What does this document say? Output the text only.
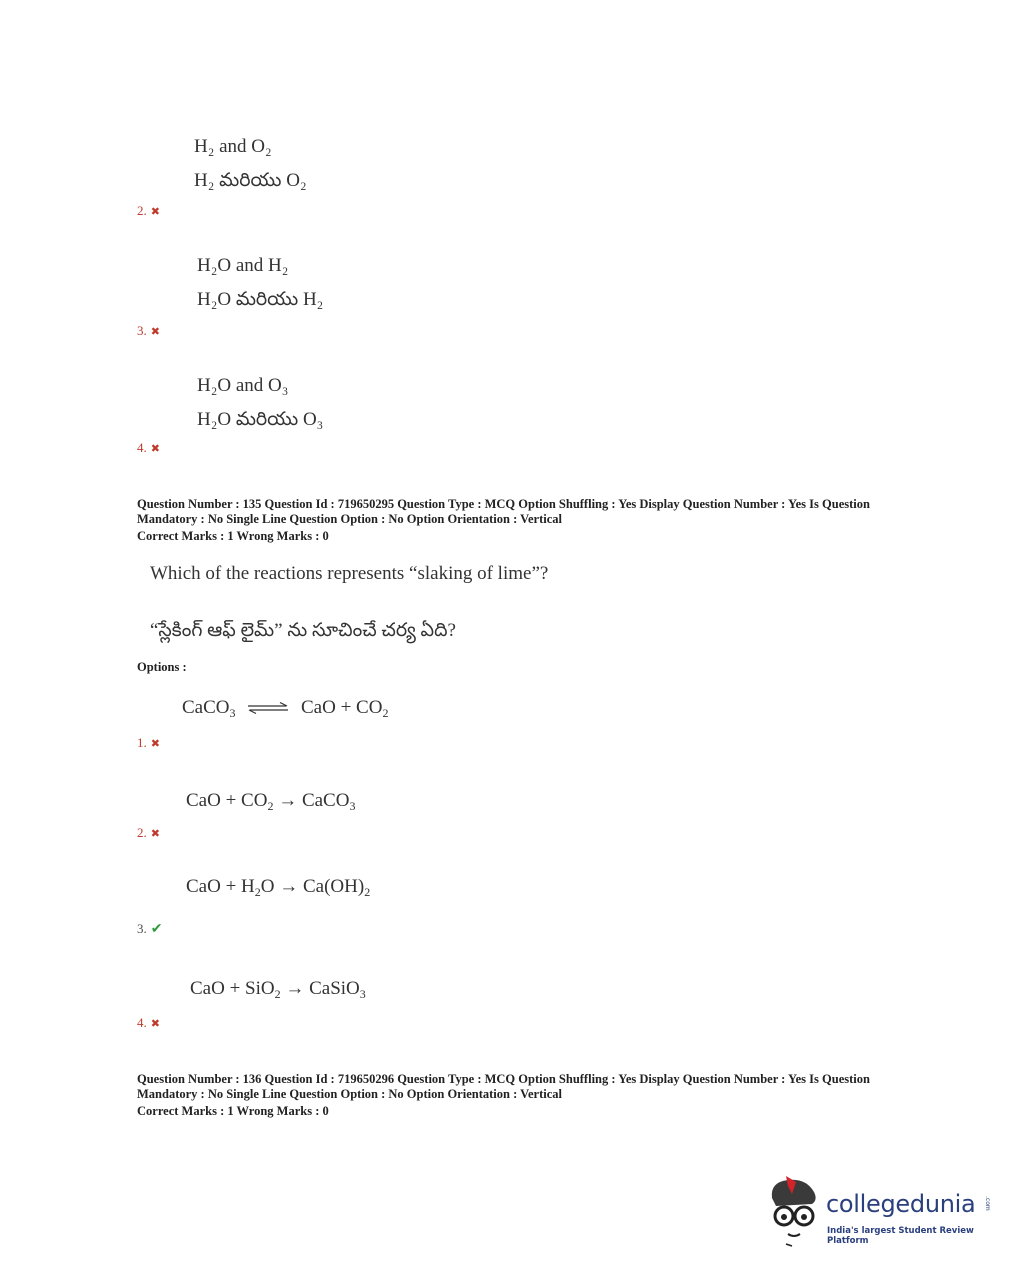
H₂ and O₂
H₂ మరియు O₂
2. ✖
H₂O and H₂
H₂O మరియు H₂
3. ✖
H₂O and O₃
H₂O మరియు O₃
4. ✖
Question Number : 135 Question Id : 719650295 Question Type : MCQ Option Shuffling : Yes Display Question Number : Yes Is Question
Mandatory : No Single Line Question Option : No Option Orientation : Vertical
Correct Marks : 1 Wrong Marks : 0
Which of the reactions represents “slaking of lime”?
“స్లేకింగ్ ఆఫ్ లైమ్” ను సూచించే చర్య ఏది?
Options :
CaCO$_3$ ⇌ CaO + $CO_2$
1. ✖
CaO + $CO_2$ → CaCO$_3$
2. ✖
CaO + $H_2O \to Ca(OH)_2$
3. ✔
CaO + SiO$_2$ → CaSiO$_3$
4. ✖
Question Number : 136 Question Id : 719650296 Question Type : MCQ Option Shuffling : Yes Display Question Number : Yes Is Question
Mandatory : No Single Line Question Option : No Option Orientation : Vertical
Correct Marks : 1 Wrong Marks : 0
collegedunia .com
India's largest Student Review Platform
